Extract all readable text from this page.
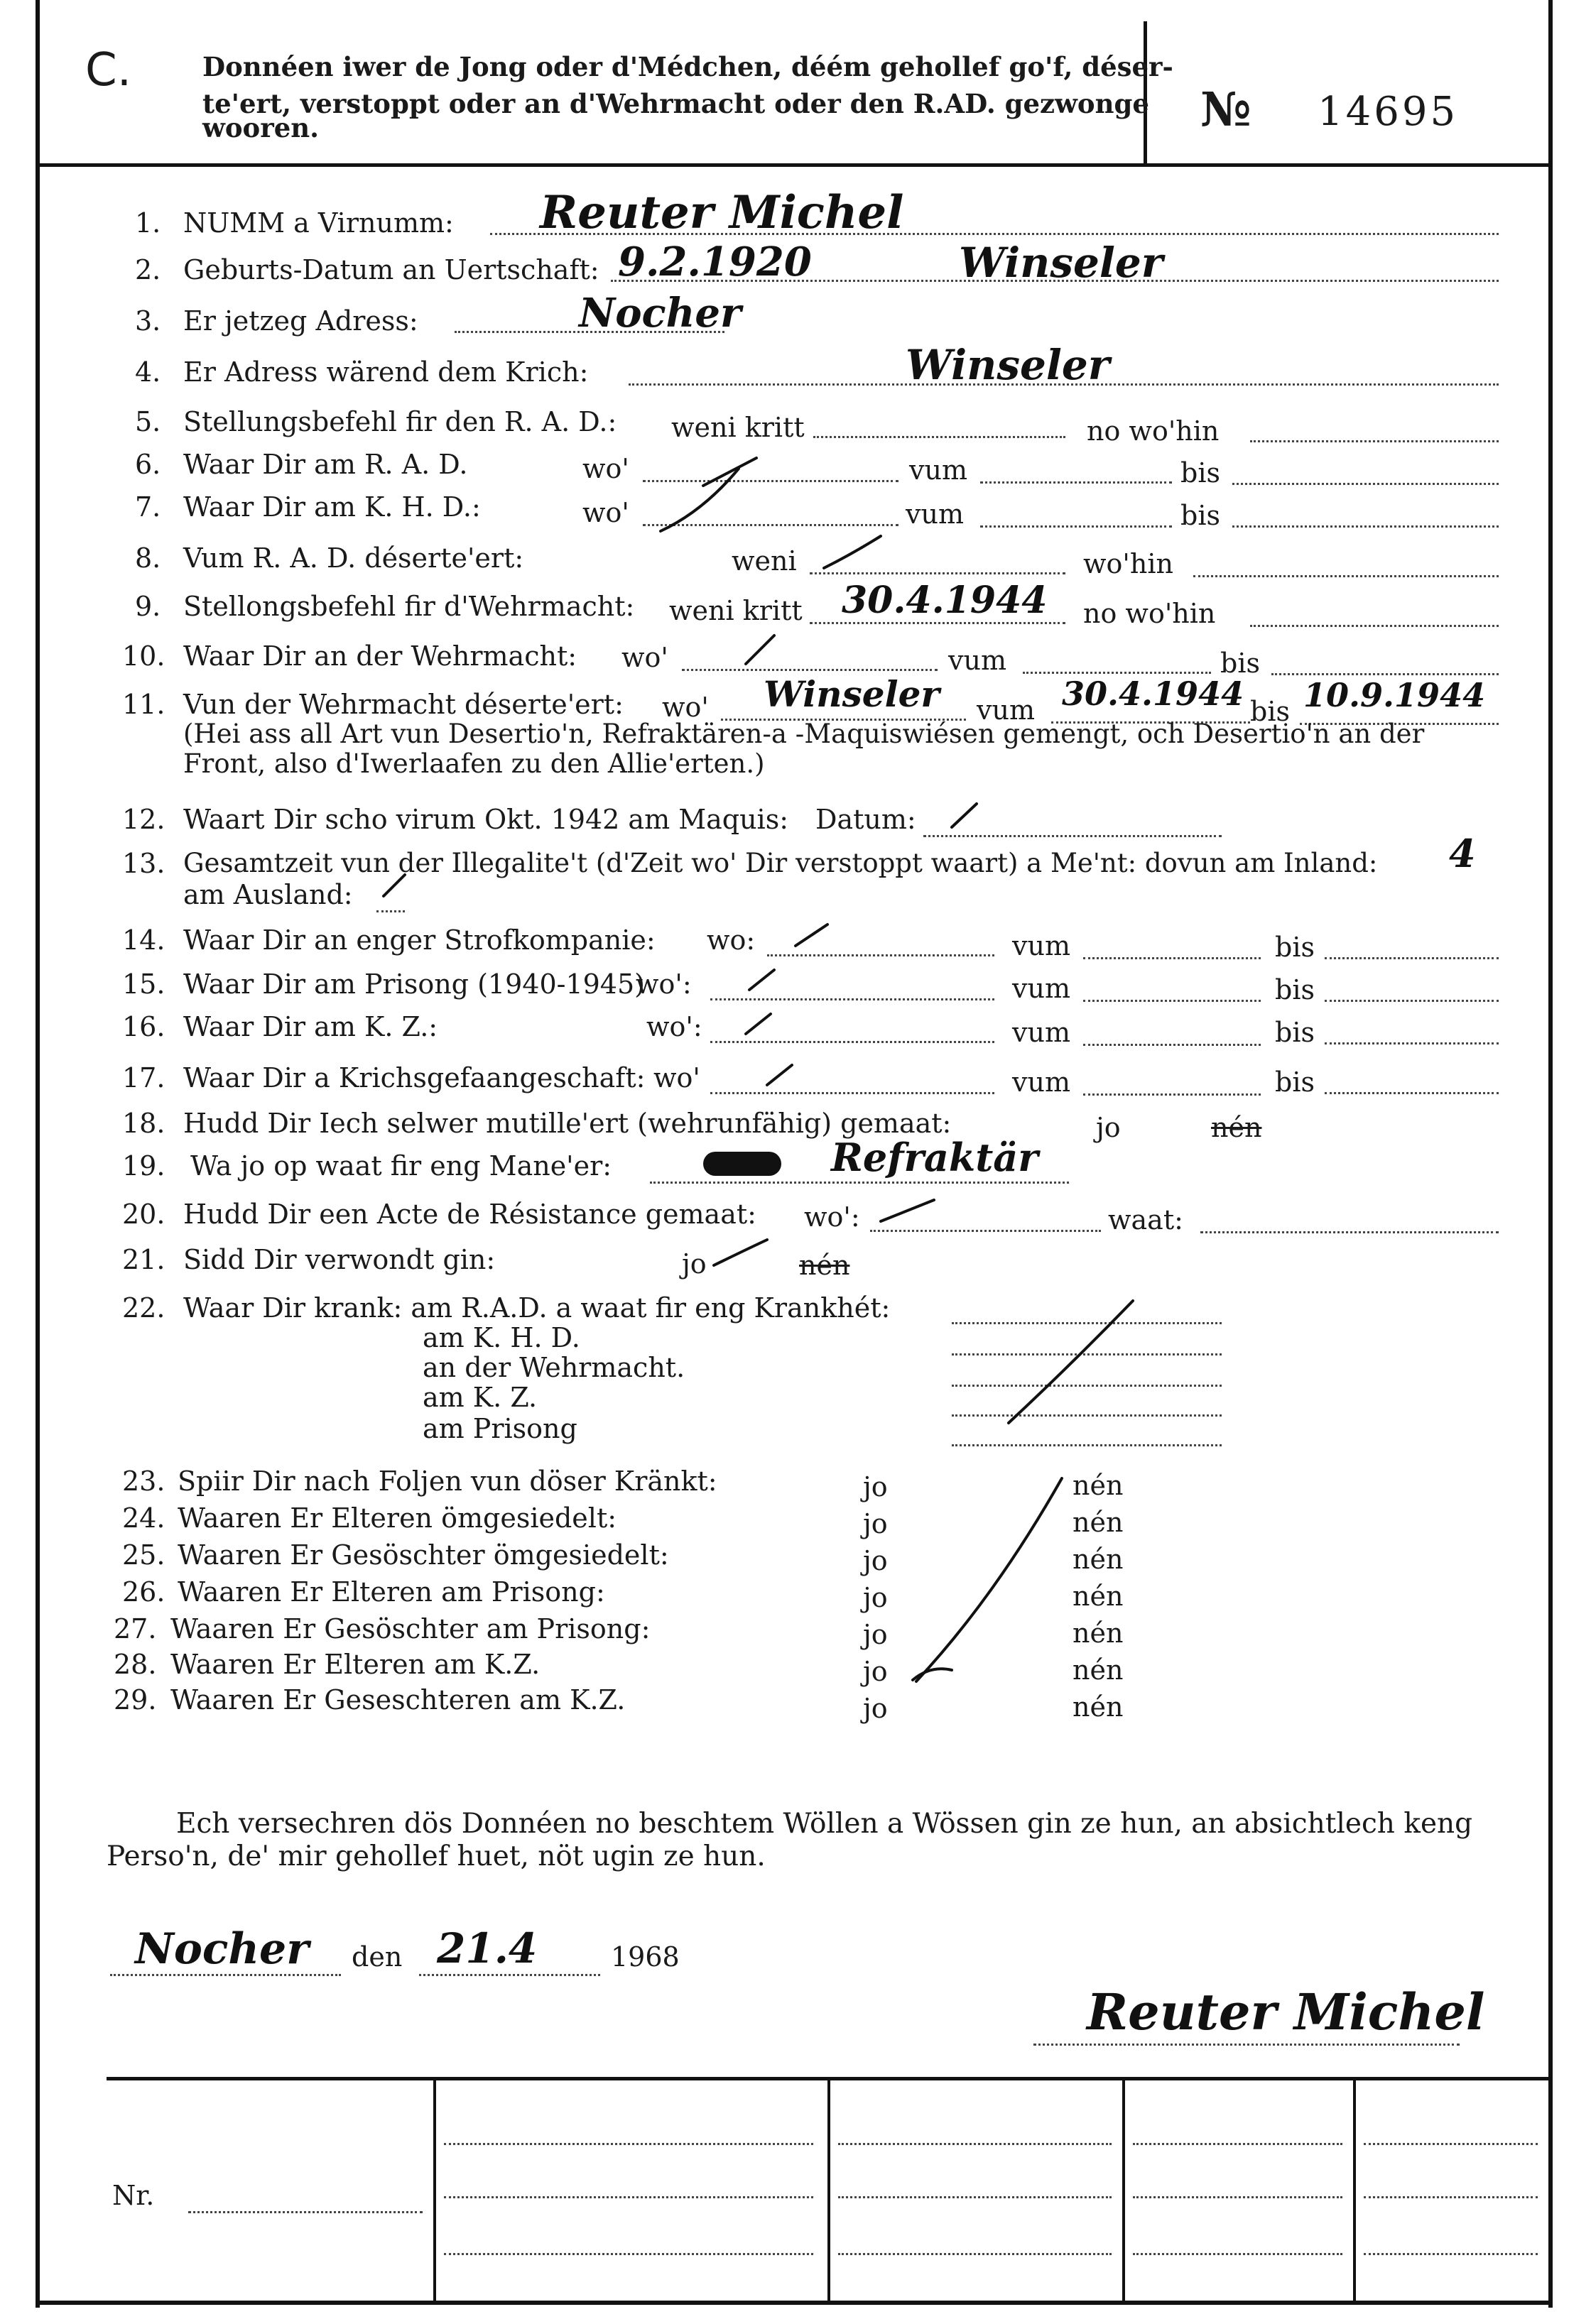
C.	Donnéen iwer de Jong oder d'Médchen, déém gehollef go'f, déser-
te'ert, verstoppt oder an d'Wehrmacht oder den R.AD. gezwonge
wooren.	№ 14695
1. NUMM a Virnumm: Reuter Michel
2. Geburts-Datum an Uertschaft: 9.2.1920	Winseler
3. Er jetzeg Adress:	Nocher
4. Er Adress wärend dem Krich:	Winseler
5. Stellungsbefehl fir den R. A. D.: weni kritt	no wo'hin
6. Waar Dir am R. A. D.	wo'	vum	bis
7. Waar Dir am K. H. D.:	wo'	vum	bis
8. Vum R. A. D. déserte'ert:	weni	wo'hin
9. Stellongsbefehl fir d'Wehrmacht: weni kritt 30.4.1944 no wo'hin
10. Waar Dir an der Wehrmacht: wo'	vum	bis
11. Vun der Wehrmacht déserte'ert: wo' Winseler vum 30.4.1944 bis 10.9.1944
(Hei ass all Art vun Desertio'n, Refraktären-a -Maquiswiésen gemengt, och Desertio'n an der
Front, also d'Iwerlaafen zu den Allie'erten.)
12. Waart Dir scho virum Okt. 1942 am Maquis: Datum:
13. Gesamtzeit vun der Illegalite't (d'Zeit wo' Dir verstoppt waart) a Me'nt: dovun am Inland: 4
am Ausland:
14. Waar Dir an enger Strofkompanie: wo:	vum	bis
15. Waar Dir am Prisong (1940-1945)
wo':	vum	bis
16. Waar Dir am K. Z.:	wo':	vum	bis
17. Waar Dir a Krichsgefaangeschaft: wo'	vum	bis
18. Hudd Dir Iech selwer mutille'ert (wehrunfähig) gemaat:	jo	nén
19. Wa jo op waat fir eng Mane'er:	Refraktär
20. Hudd Dir een Acte de Résistance gemaat: wo':	waat:
21. Sidd Dir verwondt gin:	jo	nén
22. Waar Dir krank: am R.A.D. a waat fir eng Krankhét:
am K. H. D.
an der Wehrmacht.
am K. Z.
am Prisong
23. Spiir Dir nach Foljen vun döser Kränkt:	jo	nén
24. Waaren Er Elteren ömgesiedelt:	jo	nén
25. Waaren Er Gesöschter ömgesiedelt:	jo	nén
26. Waaren Er Elteren am Prisong:	jo	nén
27. Waaren Er Gesöschter am Prisong:	jo	nén
28. Waaren Er Elteren am K.Z.	jo	nén
29. Waaren Er Geseschteren am K.Z.	jo	nén
Ech versechren dös Donnéen no beschtem Wöllen a Wössen gin ze hun, an absichtlech keng
Perso'n, de' mir gehollef huet, nöt ugin ze hun.
Nocher den 21.4	1968
Reuter Michel
Nr.
